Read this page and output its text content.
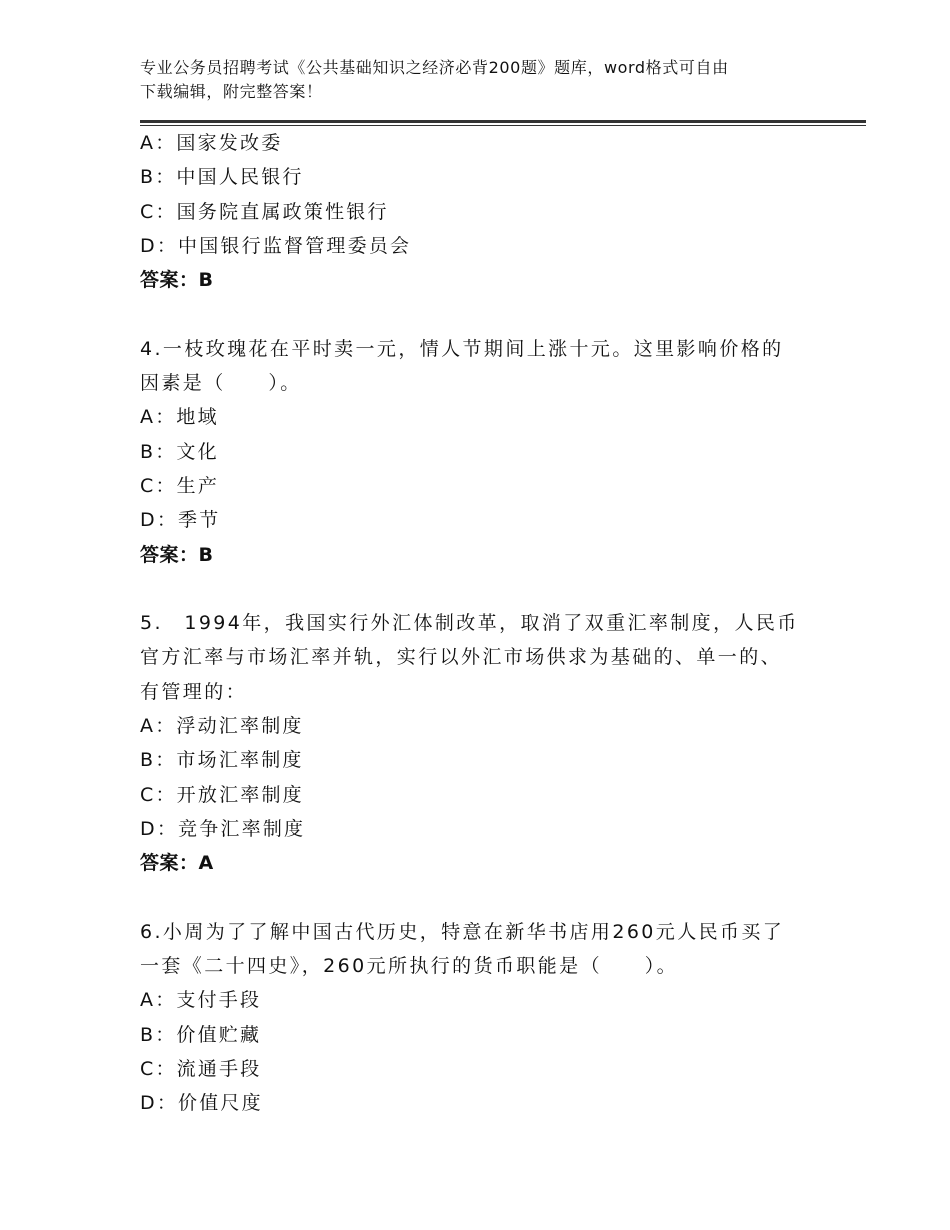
专业公务员招聘考试《公共基础知识之经济必背200题》题库，word格式可自由
下载编辑，附完整答案！
A：国家发改委
B：中国人民银行
C：国务院直属政策性银行
D：中国银行监督管理委员会
答案：B
4.一枝玫瑰花在平时卖一元，情人节期间上涨十元。这里影响价格的
因素是（　　）。
A：地域
B：文化
C：生产
D：季节
答案：B
5.　1994年，我国实行外汇体制改革，取消了双重汇率制度，人民币
官方汇率与市场汇率并轨，实行以外汇市场供求为基础的、单一的、
有管理的：
A：浮动汇率制度
B：市场汇率制度
C：开放汇率制度
D：竞争汇率制度
答案：A
6.小周为了了解中国古代历史，特意在新华书店用260元人民币买了
一套《二十四史》，260元所执行的货币职能是（　　）。
A：支付手段
B：价值贮藏
C：流通手段
D：价值尺度
